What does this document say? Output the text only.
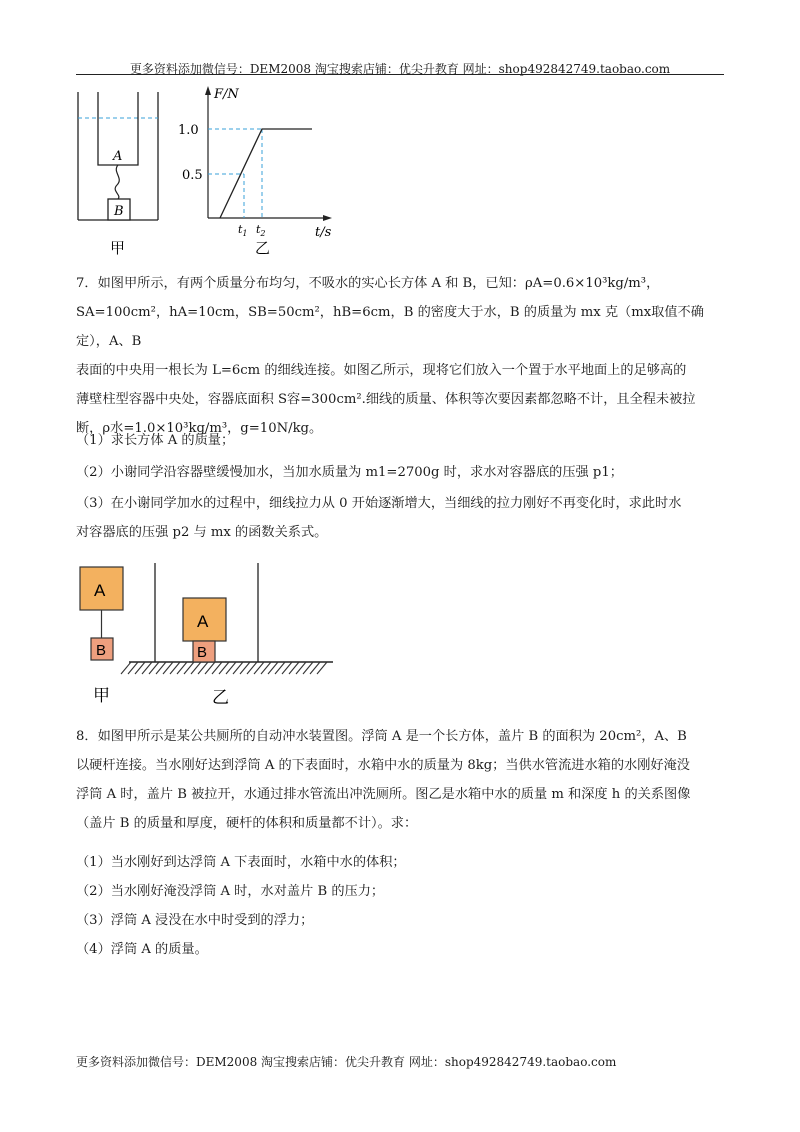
更多资料添加微信号：DEM2008 淘宝搜索店铺：优尖升教育 网址：shop492842749.taobao.com
A
B
甲
F/N
1.0
0.5
t/s
$t_1$ $t_2$
乙
7．如图甲所示，有两个质量分布均匀，不吸水的实心长方体 A 和 B，已知：ρA=0.6×10³kg/m³，
SA=100cm²，hA=10cm，SB=50cm²，hB=6cm，B 的密度大于水，B 的质量为 mx 克（mx取值不确定），A、B
表面的中央用一根长为 L=6cm 的细线连接。如图乙所示，现将它们放入一个置于水平地面上的足够高的
薄壁柱型容器中央处，容器底面积 S容=300cm².细线的质量、体积等次要因素都忽略不计，且全程未被拉
断，ρ水=1.0×10³kg/m³，g=10N/kg。
（1）求长方体 A 的质量；
（2）小谢同学沿容器壁缓慢加水，当加水质量为 m1=2700g 时，求水对容器底的压强 p1；
（3）在小谢同学加水的过程中，细线拉力从 0 开始逐渐增大，当细线的拉力刚好不再变化时，求此时水
对容器底的压强 p2 与 mx 的函数关系式。
A
B
甲
A
B
乙
8．如图甲所示是某公共厕所的自动冲水装置图。浮筒 A 是一个长方体，盖片 B 的面积为 20cm²，A、B
以硬杆连接。当水刚好达到浮筒 A 的下表面时，水箱中水的质量为 8kg；当供水管流进水箱的水刚好淹没
浮筒 A 时，盖片 B 被拉开，水通过排水管流出冲洗厕所。图乙是水箱中水的质量 m 和深度 h 的关系图像
（盖片 B 的质量和厚度，硬杆的体积和质量都不计）。求：
（1）当水刚好到达浮筒 A 下表面时，水箱中水的体积；
（2）当水刚好淹没浮筒 A 时，水对盖片 B 的压力；
（3）浮筒 A 浸没在水中时受到的浮力；
（4）浮筒 A 的质量。
更多资料添加微信号：DEM2008 淘宝搜索店铺：优尖升教育 网址：shop492842749.taobao.com
